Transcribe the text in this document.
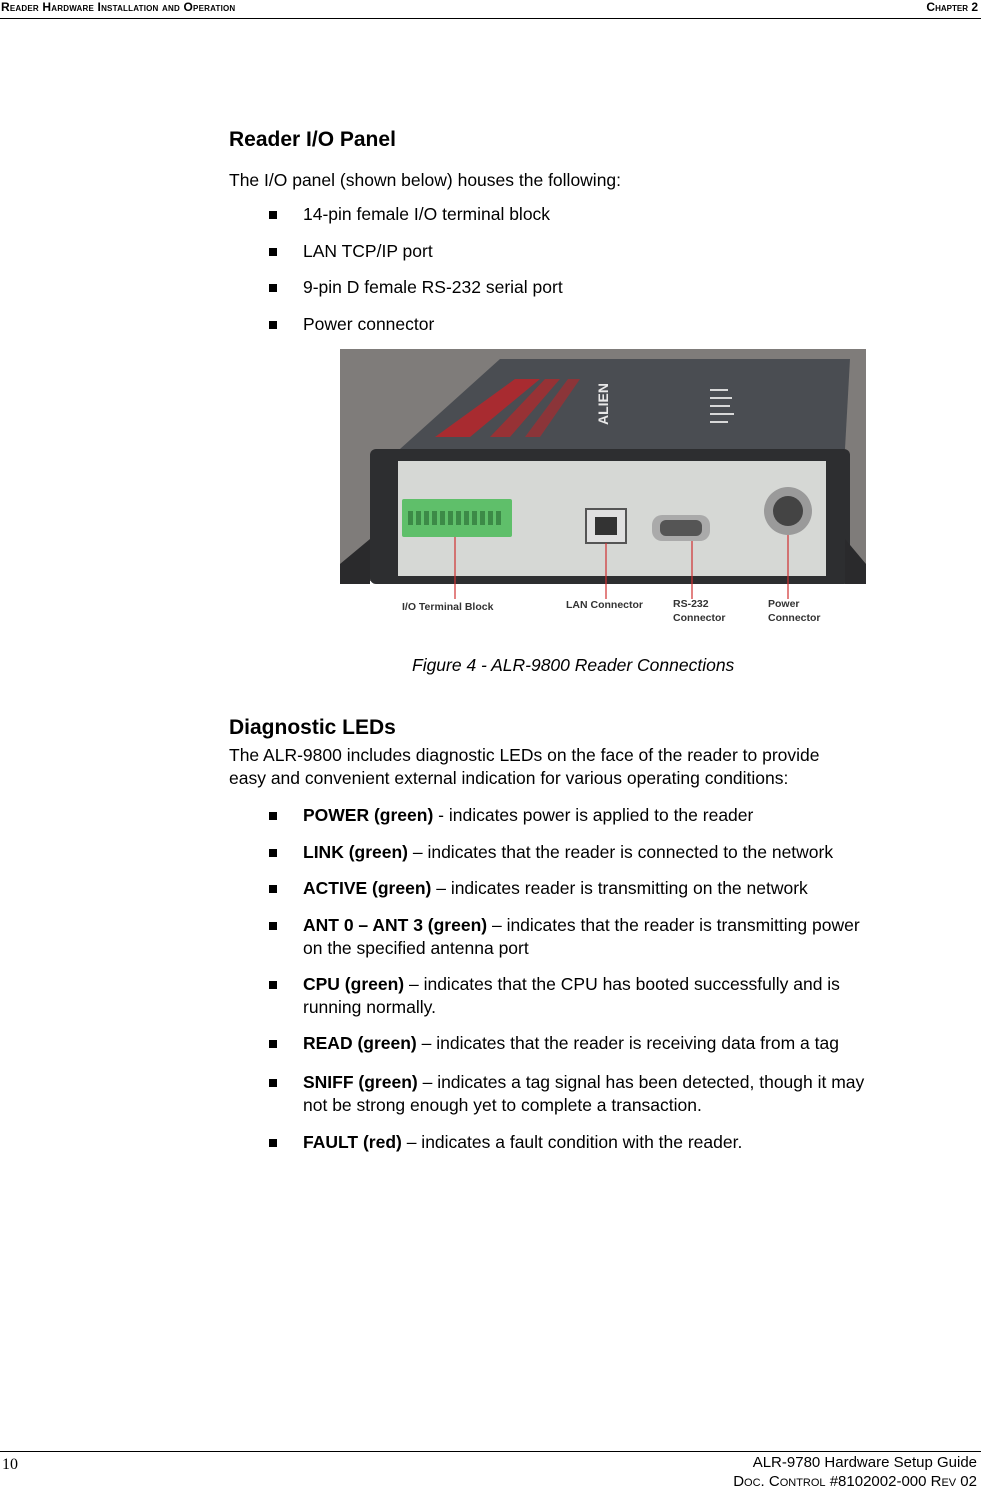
Reader Hardware Installation and Operation	Chapter 2
Reader I/O Panel
The I/O panel (shown below) houses the following:
14-pin female I/O terminal block
LAN TCP/IP port
9-pin D female RS-232 serial port
Power connector
ALIEN
I/O Terminal Block	LAN Connector	RS-232
Connector
Power
Connector
Figure 4 - ALR-9800 Reader Connections
Diagnostic LEDs
The ALR-9800 includes diagnostic LEDs on the face of the reader to provide
easy and convenient external indication for various operating conditions:
POWER (green) - indicates power is applied to the reader
LINK (green) – indicates that the reader is connected to the network
ACTIVE (green) – indicates reader is transmitting on the network
ANT 0 – ANT 3 (green) – indicates that the reader is transmitting power
on the specified antenna port
CPU (green) – indicates that the CPU has booted successfully and is
running normally.
READ (green) – indicates that the reader is receiving data from a tag
SNIFF (green) – indicates a tag signal has been detected, though it may
not be strong enough yet to complete a transaction.
FAULT (red) – indicates a fault condition with the reader.
10	ALR-9780 Hardware Setup Guide
Doc. Control #8102002-000 Rev 02
